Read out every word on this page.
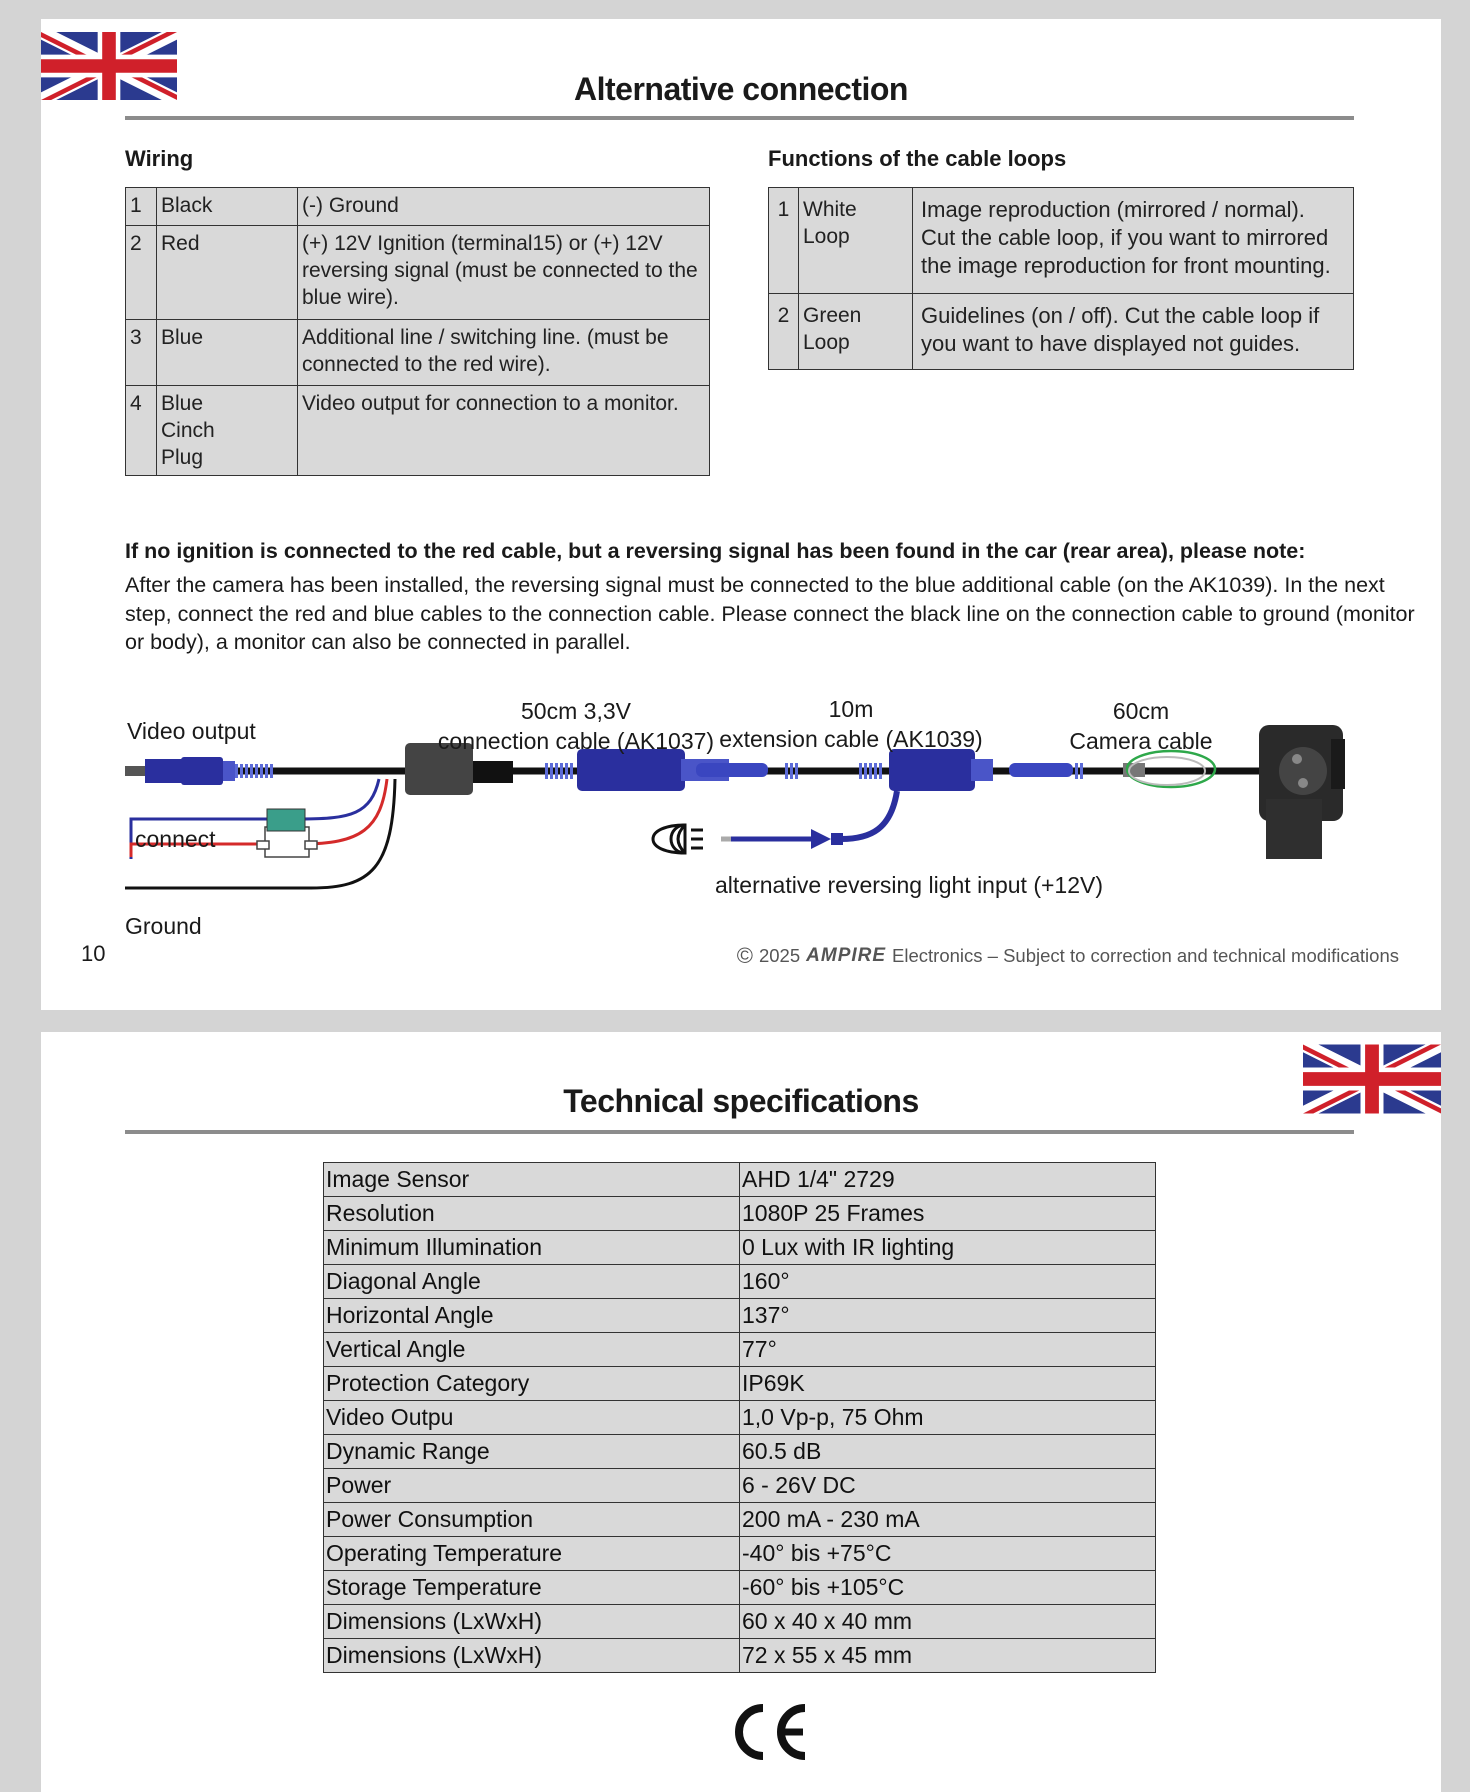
Alternative connection
Wiring
1	Black	(-) Ground
2	Red	(+) 12V Ignition (terminal15) or (+) 12V reversing signal (must be connected to the blue wire).
3	Blue	Additional line / switching line. (must be connected to the red wire).
4	Blue Cinch Plug	Video output for connection to a monitor.
Functions of the cable loops
1	White Loop	Image reproduction (mirrored / normal). Cut the cable loop, if you want to mirrored the image reproduction for front mounting.
2	Green Loop	Guidelines (on / off). Cut the cable loop if you want to have displayed not guides.
If no ignition is connected to the red cable, but a reversing signal has been found in the car (rear area), please note:
After the camera has been installed, the reversing signal must be connected to the blue additional cable (on the AK1039). In the next step, connect the red and blue cables to the connection cable. Please connect the black line on the connection cable to ground (monitor or body), a monitor can also be connected in parallel.
Video output
50cm 3,3V
connection cable (AK1037)
10m
extension cable (AK1039)
60cm
Camera cable
connect
Ground
alternative reversing light input (+12V)
10	© 2025 AMPIRE Electronics – Subject to correction and technical modifications
Technical specifications
Image Sensor	AHD 1/4" 2729
Resolution	1080P 25 Frames
Minimum Illumination	0 Lux with IR lighting
Diagonal Angle	160°
Horizontal Angle	137°
Vertical Angle	77°
Protection Category	IP69K
Video Outpu	1,0 Vp-p, 75 Ohm
Dynamic Range	60.5 dB
Power	6 - 26V DC
Power Consumption	200 mA - 230 mA
Operating Temperature	-40° bis +75°C
Storage Temperature	-60° bis +105°C
Dimensions (LxWxH)	60 x 40 x 40 mm
Dimensions (LxWxH)	72 x 55 x 45 mm
